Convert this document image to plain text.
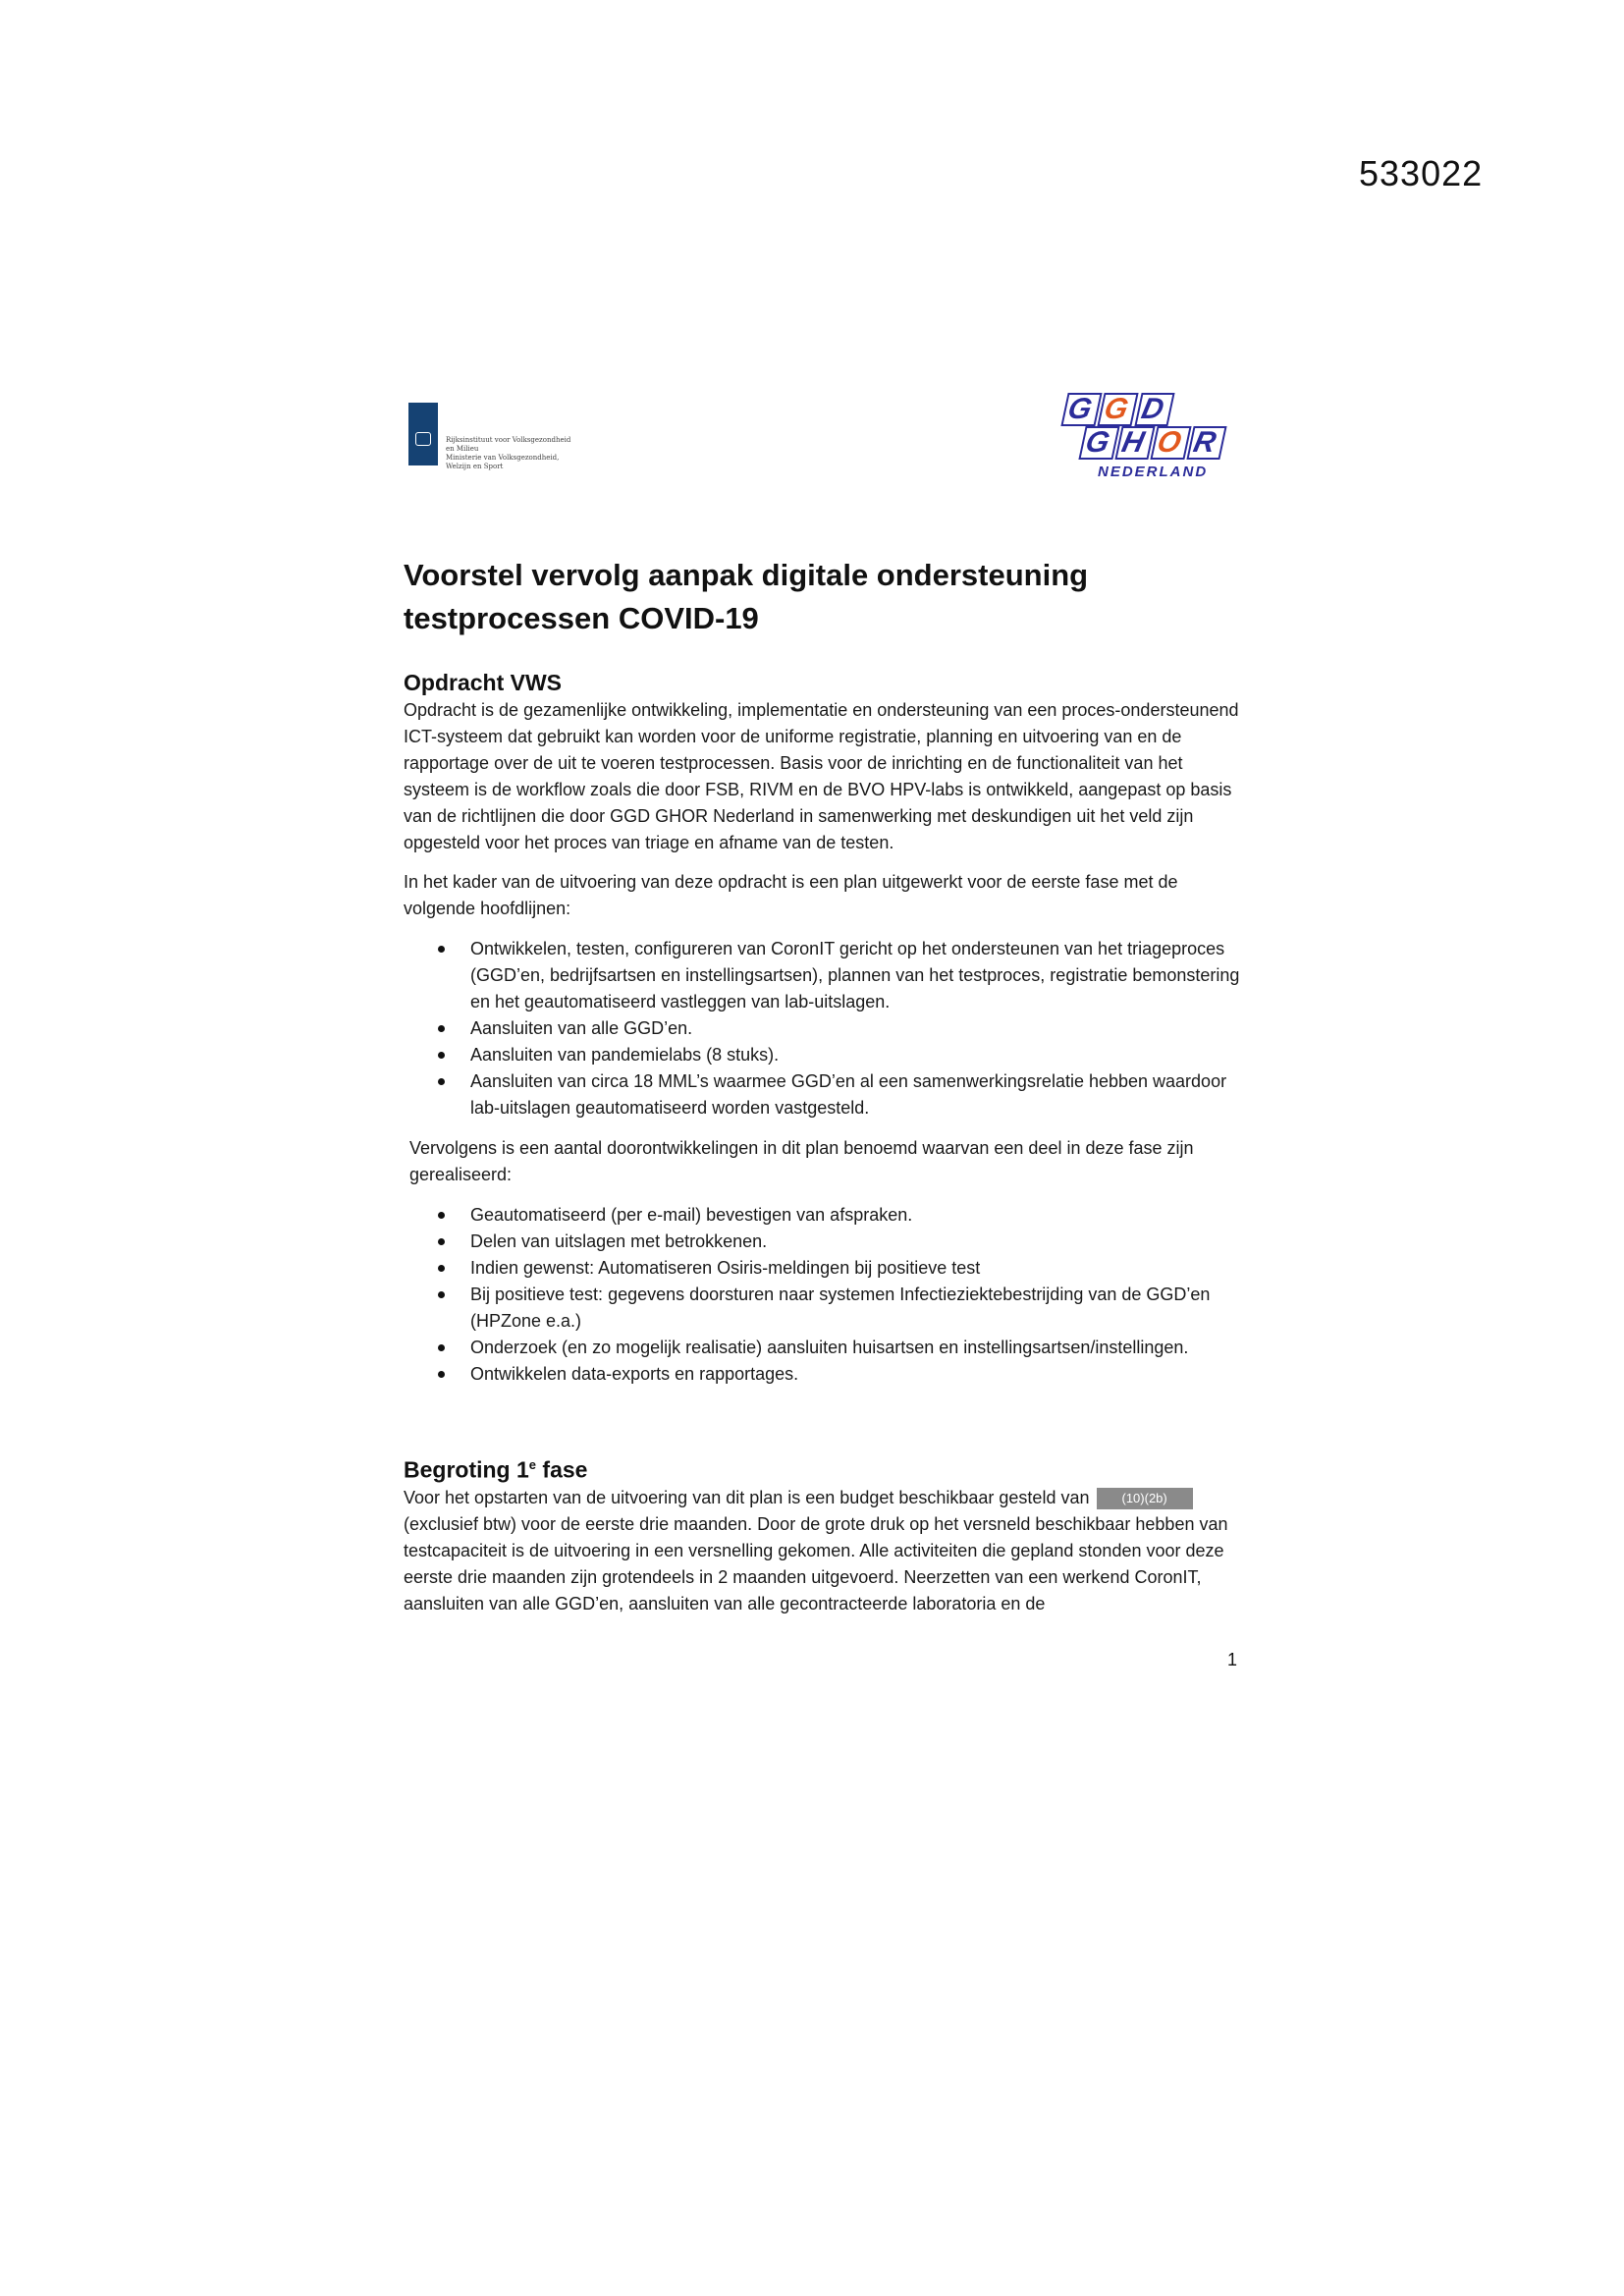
533022
Rijksinstituut voor Volksgezondheid
en Milieu
Ministerie van Volksgezondheid,
Welzijn en Sport
GGD
GHOR
NEDERLAND
Voorstel vervolg aanpak digitale ondersteuning testprocessen COVID-19
Opdracht VWS

Opdracht is de gezamenlijke ontwikkeling, implementatie en ondersteuning van een proces-ondersteunend ICT-systeem dat gebruikt kan worden voor de uniforme registratie, planning en uitvoering van en de rapportage over de uit te voeren testprocessen. Basis voor de inrichting en de functionaliteit van het systeem is de workflow zoals die door FSB, RIVM en de BVO HPV-labs is ontwikkeld, aangepast op basis van de richtlijnen die door GGD GHOR Nederland in samenwerking met deskundigen uit het veld zijn opgesteld voor het proces van triage en afname van de testen.

In het kader van de uitvoering van deze opdracht is een plan uitgewerkt voor de eerste fase met de volgende hoofdlijnen:

Ontwikkelen, testen, configureren van CoronIT gericht op het ondersteunen van het triageproces (GGD’en, bedrijfsartsen en instellingsartsen), plannen van het testproces, registratie bemonstering en het geautomatiseerd vastleggen van lab-uitslagen.
Aansluiten van alle GGD’en.
Aansluiten van pandemielabs (8 stuks).
Aansluiten van circa 18 MML’s waarmee GGD’en al een samenwerkingsrelatie hebben waardoor lab-uitslagen geautomatiseerd worden vastgesteld.

Vervolgens is een aantal doorontwikkelingen in dit plan benoemd waarvan een deel in deze fase zijn gerealiseerd:

Geautomatiseerd (per e-mail) bevestigen van afspraken.
Delen van uitslagen met betrokkenen.
Indien gewenst: Automatiseren Osiris-meldingen bij positieve test
Bij positieve test: gegevens doorsturen naar systemen Infectieziektebestrijding van de GGD’en (HPZone e.a.)
Onderzoek (en zo mogelijk realisatie) aansluiten huisartsen en instellingsartsen/instellingen.
Ontwikkelen data-exports en rapportages.
Begroting 1e fase

Voor het opstarten van de uitvoering van dit plan is een budget beschikbaar gesteld van	(10)(2b) (exclusief btw) voor de eerste drie maanden. Door de grote druk op het versneld beschikbaar hebben van testcapaciteit is de uitvoering in een versnelling gekomen. Alle activiteiten die gepland stonden voor deze eerste drie maanden zijn grotendeels in 2 maanden uitgevoerd. Neerzetten van een werkend CoronIT, aansluiten van alle GGD’en, aansluiten van alle gecontracteerde laboratoria en de

1
